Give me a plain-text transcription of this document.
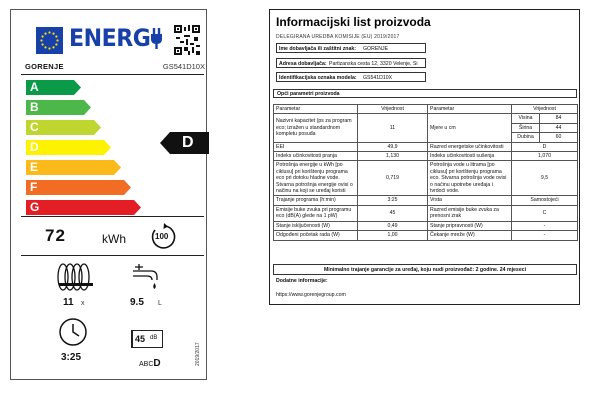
ENERG
GORENJE	GS541D10X
A
B
C
D
E
F
G
D
72	kWh	100
11 x	9.5 L
3:25
45 dB
ABCD	2019/2017
Informacijski list proizvoda
DELEGIRANA UREDBA KOMISIJE (EU) 2019/2017
Ime dobavljača ili zaštitni znak: GORENJE
Adresa dobavljača: Partizanska cesta 12, 3320 Velenje, Si
Identifikacijska oznaka modela: GS541D10X
Opći parametri proizvoda
Parametar	Vrijednost	Parametar	Vrijednost	
Nazivni kapacitet (ps za program eco; izražen u standardnom kompletu posuđa	11	Mjere u cm	Visina	84
			Širina	44
			Dubina	60
EEI	49,9	Razred energetske učinkovitosti	D	
Indeks učinkovitosti pranja	1,130	Indeks učinkovitosti sušenja	1,070	
Potrošnja energije u kWh [po ciklusu] pri korištenju programa eco pri dotoku hladne vode. Stvarna potrošnja energije ovisi o načinu na koji se uređaj koristi	0,719	Potrošnja vode u litrama [po ciklusu] pri korištenju programa eco. Stvarna potrošnja vode ovisi o načinu upotrebe uređaja i tvrdoći vode.	9,5	
Trajanje programa (h:min)	3:25	Vrsta	Samostojeći	
Emisije buke zvuka pri programu eco (dB(A) glede na 1 pW)	45	Razred emisije buke zvuka za prenosni zrak	C	
Stanje isključenosti (W)	0,49	Stanje pripravnosti (W)	-	
Odgođeni početak rada (W)	1,00	Čekanje mreže (W)	-	
Minimalno trajanje garancije za uređaj, koju nudi proizvođač: 2 godine. 24 mjeseci
Dodatne informacije:
https://www.gorenjegroup.com
